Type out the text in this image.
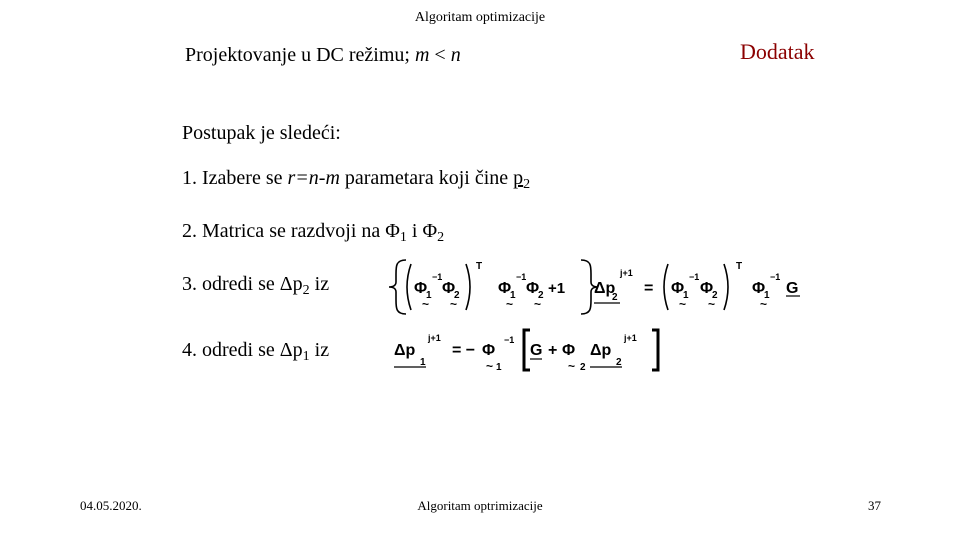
Algoritam optimizacije
Projektovanje u DC režimu; m < n	Dodatak
Postupak je sledeći:
1. Izabere se r=n-m parametara koji čine $p_2$
2. Matrica se razdvoji na $\Phi_1$ i $\Phi_2$
3. odredi se $\Delta p_2$ iz
4. odredi se $\Delta p_1$ iz
Φ
1
−1
~
Φ
2
~
T
Φ
1
−1
~
Φ
2
~
+1 Δp
j+1
2
= Φ
1
−1
~
Φ
2
~
T
Φ
1
−1
~
G
Δp
j+1
1
= − Φ
−1
~ 1
G + Φ
~ 2
Δp
j+1
2
04.05.2020.	Algoritam optrimizacije	37
